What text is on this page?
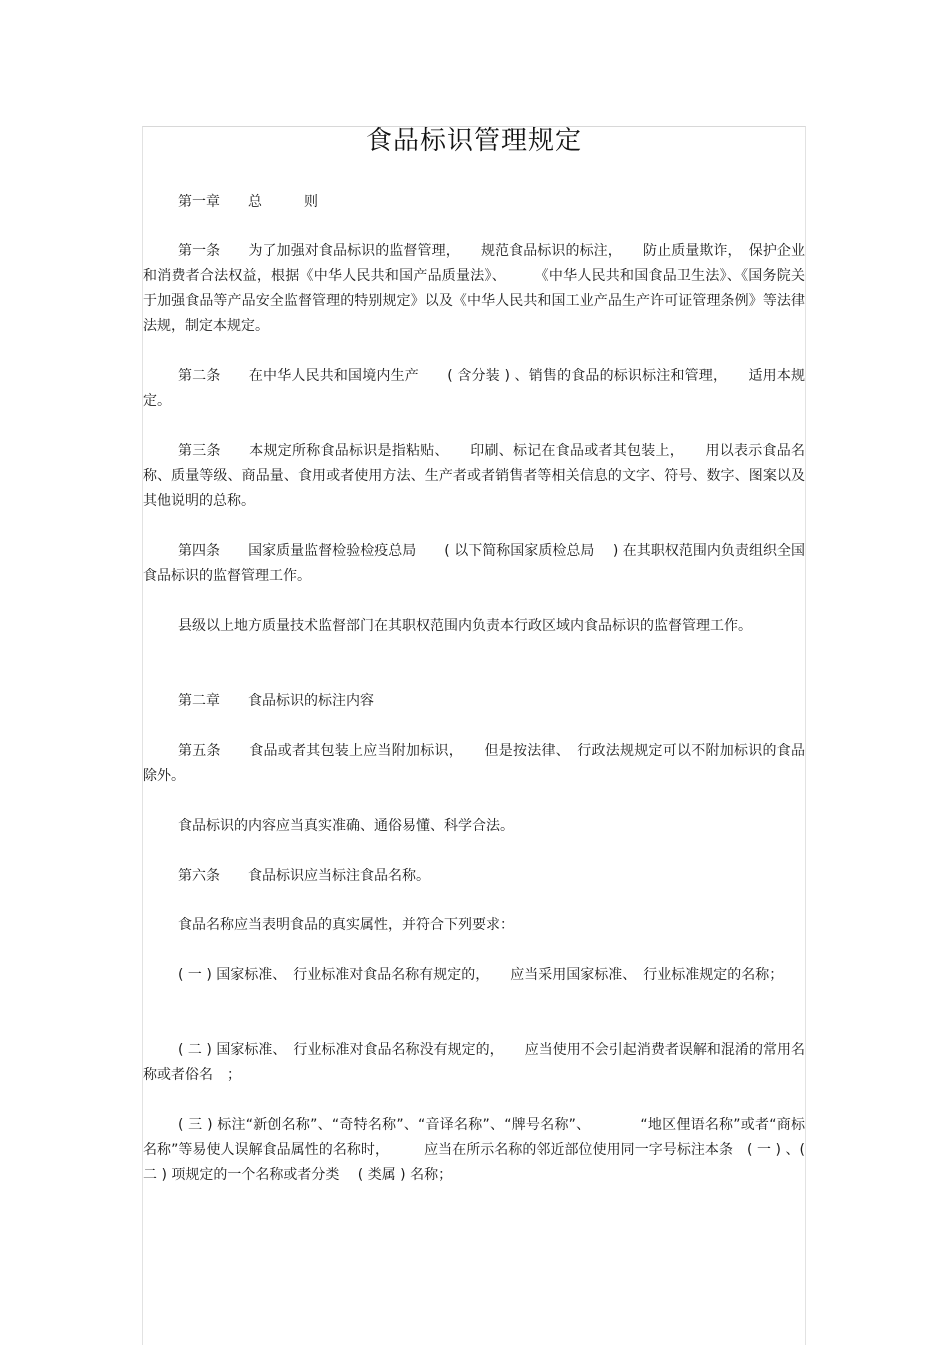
食品标识管理规定
第一章　　总　　　则
第一条　　为了加强对食品标识的监督管理，　　规范食品标识的标注，　　防止质量欺诈，　保护企业和消费者合法权益，根据《中华人民共和国产品质量法》、　　　《中华人民共和国食品卫生法》、《国务院关于加强食品等产品安全监督管理的特别规定》以及《中华人民共和国工业产品生产许可证管理条例》等法律法规，制定本规定。
第二条　　在中华人民共和国境内生产　　( 含分装 ) 、销售的食品的标识标注和管理，　　适用本规定。
第三条　　本规定所称食品标识是指粘贴、　　印刷、标记在食品或者其包装上，　　用以表示食品名称、质量等级、商品量、食用或者使用方法、生产者或者销售者等相关信息的文字、符号、数字、图案以及其他说明的总称。
第四条　　国家质量监督检验检疫总局　　( 以下简称国家质检总局　 ) 在其职权范围内负责组织全国食品标识的监督管理工作。
县级以上地方质量技术监督部门在其职权范围内负责本行政区域内食品标识的监督管理工作。
第二章　　食品标识的标注内容
第五条　　食品或者其包装上应当附加标识，　　但是按法律、　行政法规规定可以不附加标识的食品除外。
食品标识的内容应当真实准确、通俗易懂、科学合法。
第六条　　食品标识应当标注食品名称。
食品名称应当表明食品的真实属性，并符合下列要求：
( 一 ) 国家标准、　行业标准对食品名称有规定的，　　应当采用国家标准、　行业标准规定的名称；
( 二 ) 国家标准、　行业标准对食品名称没有规定的，　　应当使用不会引起消费者误解和混淆的常用名称或者俗名　；
( 三 ) 标注“新创名称”、“奇特名称”、“音译名称”、“牌号名称”、　　　　“地区俚语名称”或者“商标名称”等易使人误解食品属性的名称时，　　　应当在所示名称的邻近部位使用同一字号标注本条　( 一 ) 、( 二 ) 项规定的一个名称或者分类　 ( 类属 ) 名称；
